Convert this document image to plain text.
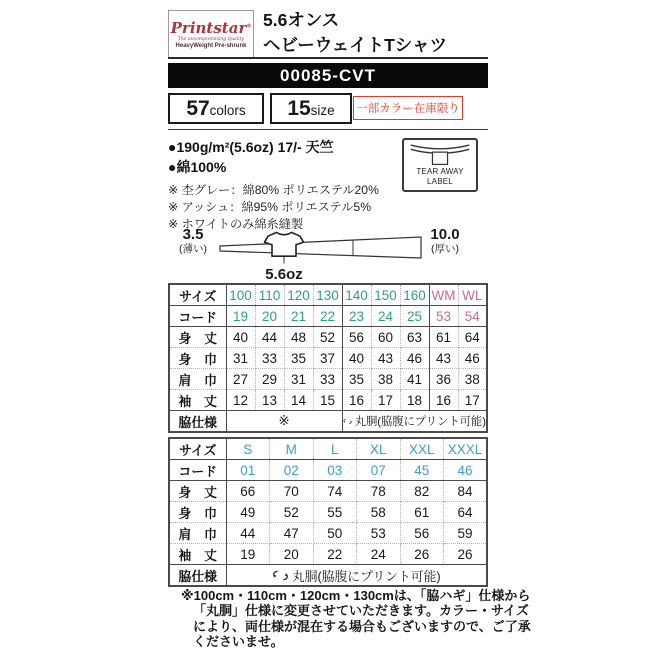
Printstar®
The uncompromising Quality
HeavyWeight Pre-shrunk
5.6オンス
ヘビーウェイトTシャツ
00085-CVT
57 colors 15 size 一部カラー在庫限り
●190g/m²(5.6oz) 17/- 天竺
●綿100%
※ 杢グレー：綿80% ポリエステル20%
※ アッシュ：綿95% ポリエステル5%
※ ホワイトのみ綿糸縫製
TEAR AWAY
LABEL
3.5
(薄い)
10.0
(厚い)
5.6oz
サイズ	100	110	120	130	140	150	160	WM	WL
コード	19	20	21	22	23	24	25	53	54
身　丈	40	44	48	52	56	60	63	61	64
身　巾	31	33	35	37	40	43	46	43	46
肩　巾	27	29	31	33	35	38	41	36	38
袖　丈	12	13	14	15	16	17	18	16	17
脇仕様	※				丸胴(脇腹にプリント可能)				
サイズ	S	M	L	XL	XXL	XXXL
コード	01	02	03	07	45	46
身　丈	66	70	74	78	82	84
身　巾	49	52	55	58	61	64
肩　巾	44	47	50	53	56	59
袖　丈	19	20	22	24	26	26
脇仕様	丸胴(脇腹にプリント可能)					
※100cm・110cm・120cm・130cmは、「脇ハギ」仕様から
「丸胴」仕様に変更させていただきます。カラー・サイズ
により、両仕様が混在する場合もございますので、ご了承
くださいませ。
